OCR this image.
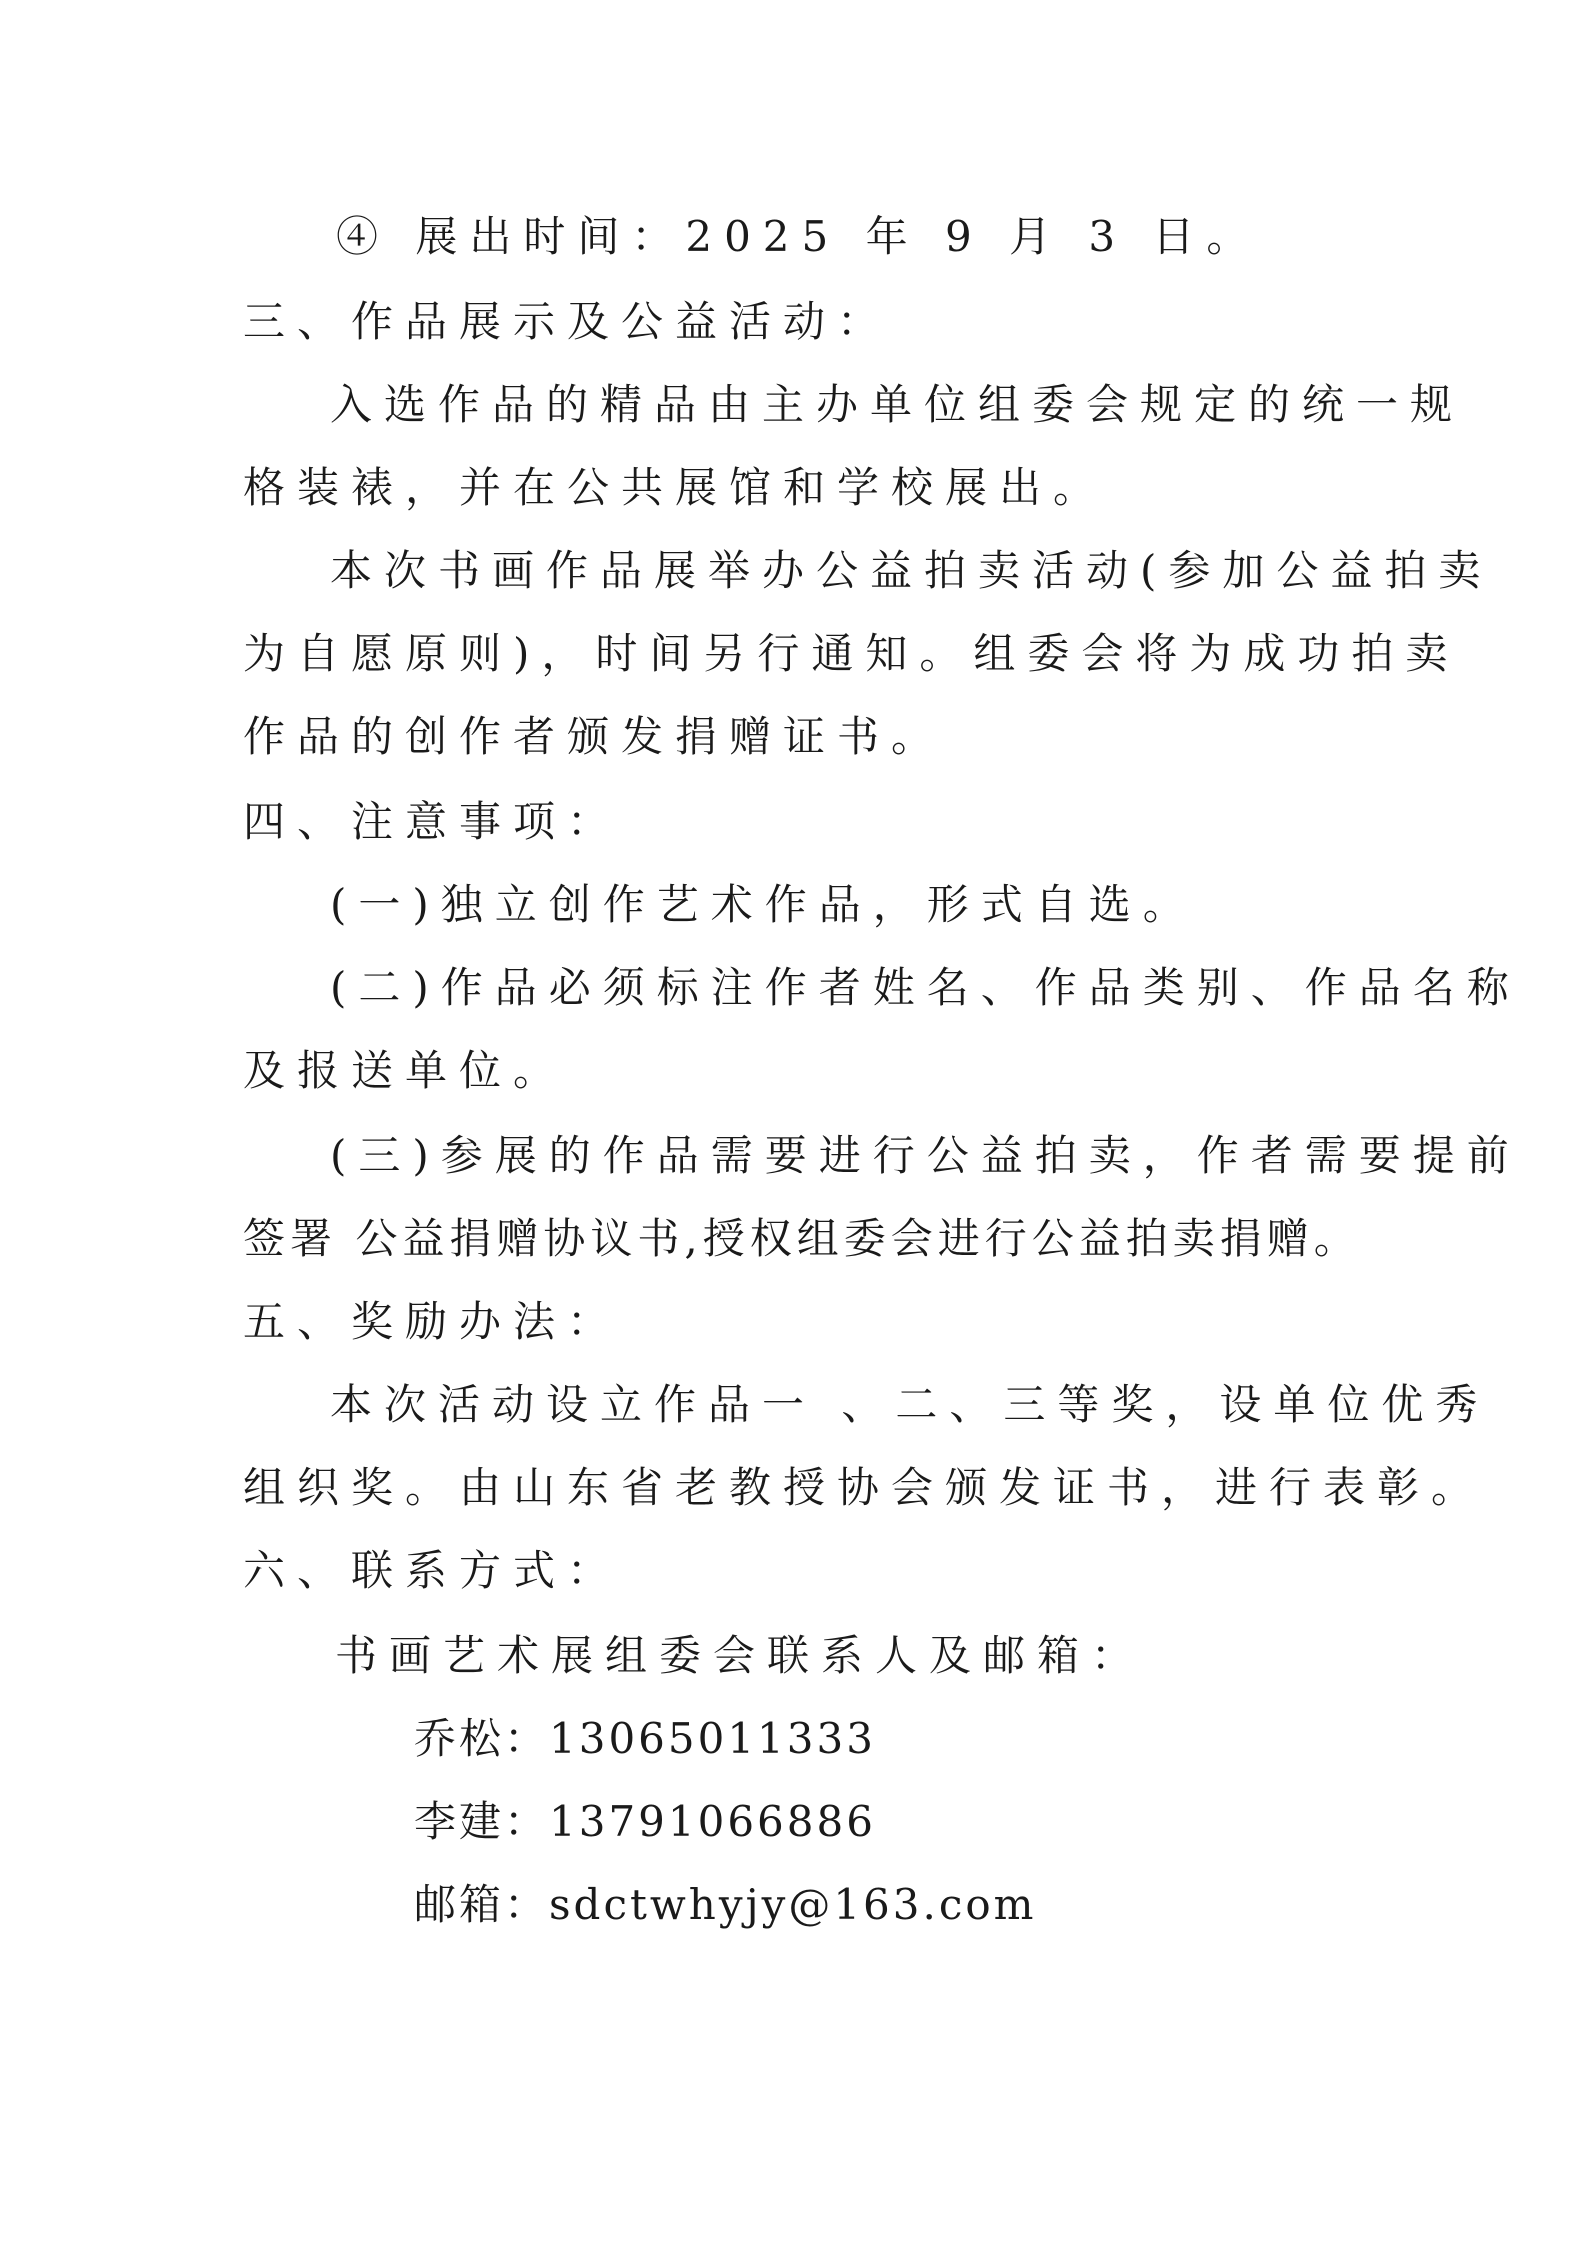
④ 展出时间：2025 年 9 月 3 日。
三、作品展示及公益活动：
入选作品的精品由主办单位组委会规定的统一规
格装裱，并在公共展馆和学校展出。
本次书画作品展举办公益拍卖活动(参加公益拍卖
为自愿原则)，时间另行通知。组委会将为成功拍卖
作品的创作者颁发捐赠证书。
四、注意事项：
(一)独立创作艺术作品，形式自选。
(二)作品必须标注作者姓名、作品类别、作品名称
及报送单位。
(三)参展的作品需要进行公益拍卖，作者需要提前
签署 公益捐赠协议书,授权组委会进行公益拍卖捐赠。
五、奖励办法：
本次活动设立作品一 、二、三等奖，设单位优秀
组织奖。由山东省老教授协会颁发证书，进行表彰。
六、联系方式：
书画艺术展组委会联系人及邮箱：
乔松：13065011333
李建：13791066886
邮箱：sdctwhyjy@163.com
